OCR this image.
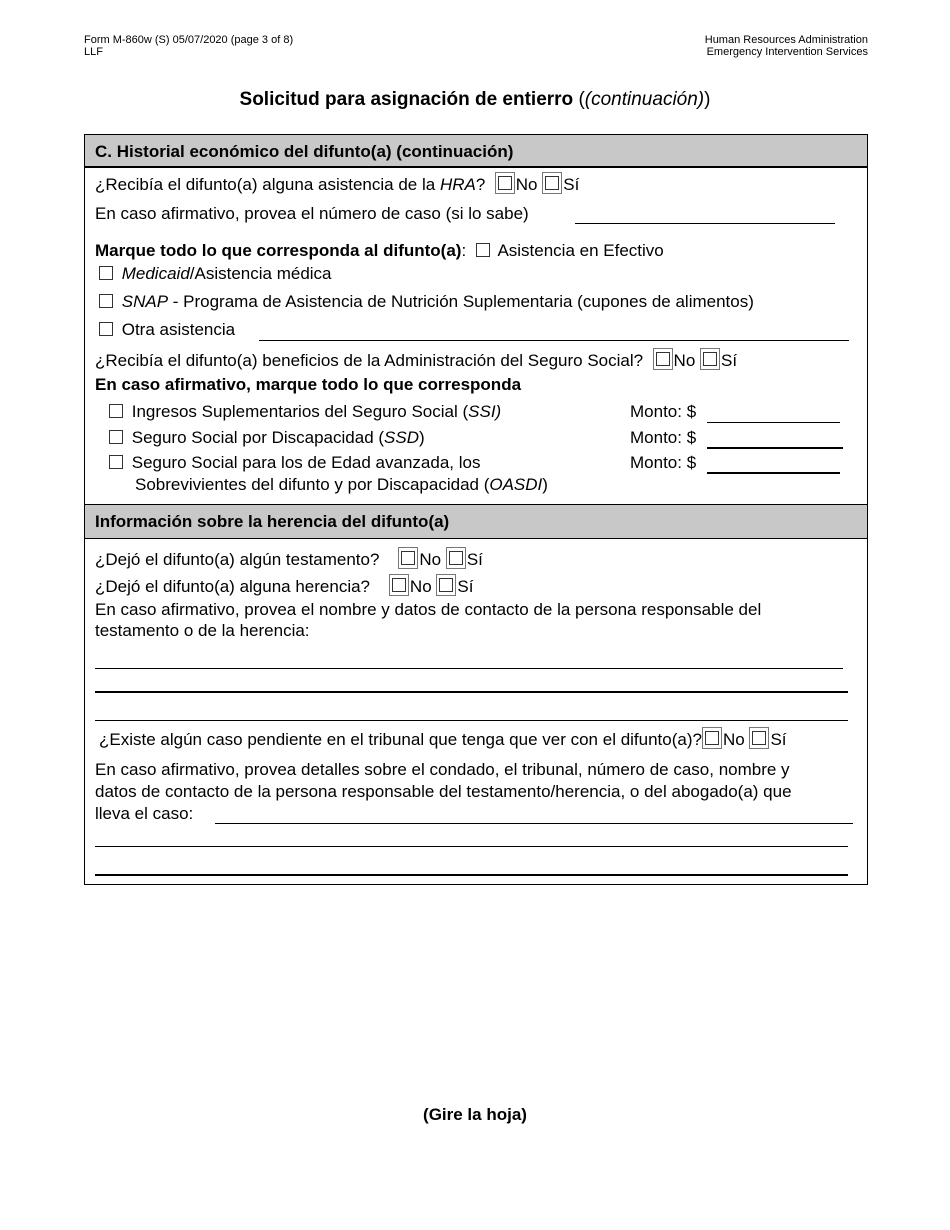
Form M-860w (S) 05/07/2020 (page 3 of 8)
LLF
Human Resources Administration
Emergency Intervention Services
Solicitud para asignación de entierro ((continuación))
C. Historial económico del difunto(a) (continuación)
¿Recibía el difunto(a) alguna asistencia de la HRA? No Sí
En caso afirmativo, provea el número de caso (si lo sabe)
Marque todo lo que corresponda al difunto(a): Asistencia en Efectivo
Medicaid/Asistencia médica
SNAP - Programa de Asistencia de Nutrición Suplementaria (cupones de alimentos)
Otra asistencia
¿Recibía el difunto(a) beneficios de la Administración del Seguro Social? No Sí
En caso afirmativo, marque todo lo que corresponda
Ingresos Suplementarios del Seguro Social (SSI)	Monto: $
Seguro Social por Discapacidad (SSD)	Monto: $
Seguro Social para los de Edad avanzada, los
Sobrevivientes del difunto y por Discapacidad (OASDI)
Monto: $
Información sobre la herencia del difunto(a)
¿Dejó el difunto(a) algún testamento? No Sí
¿Dejó el difunto(a) alguna herencia? No Sí
En caso afirmativo, provea el nombre y datos de contacto de la persona responsable del
testamento o de la herencia:
¿Existe algún caso pendiente en el tribunal que tenga que ver con el difunto(a)? No Sí
En caso afirmativo, provea detalles sobre el condado, el tribunal, número de caso, nombre y
datos de contacto de la persona responsable del testamento/herencia, o del abogado(a) que
lleva el caso:
(Gire la hoja)
